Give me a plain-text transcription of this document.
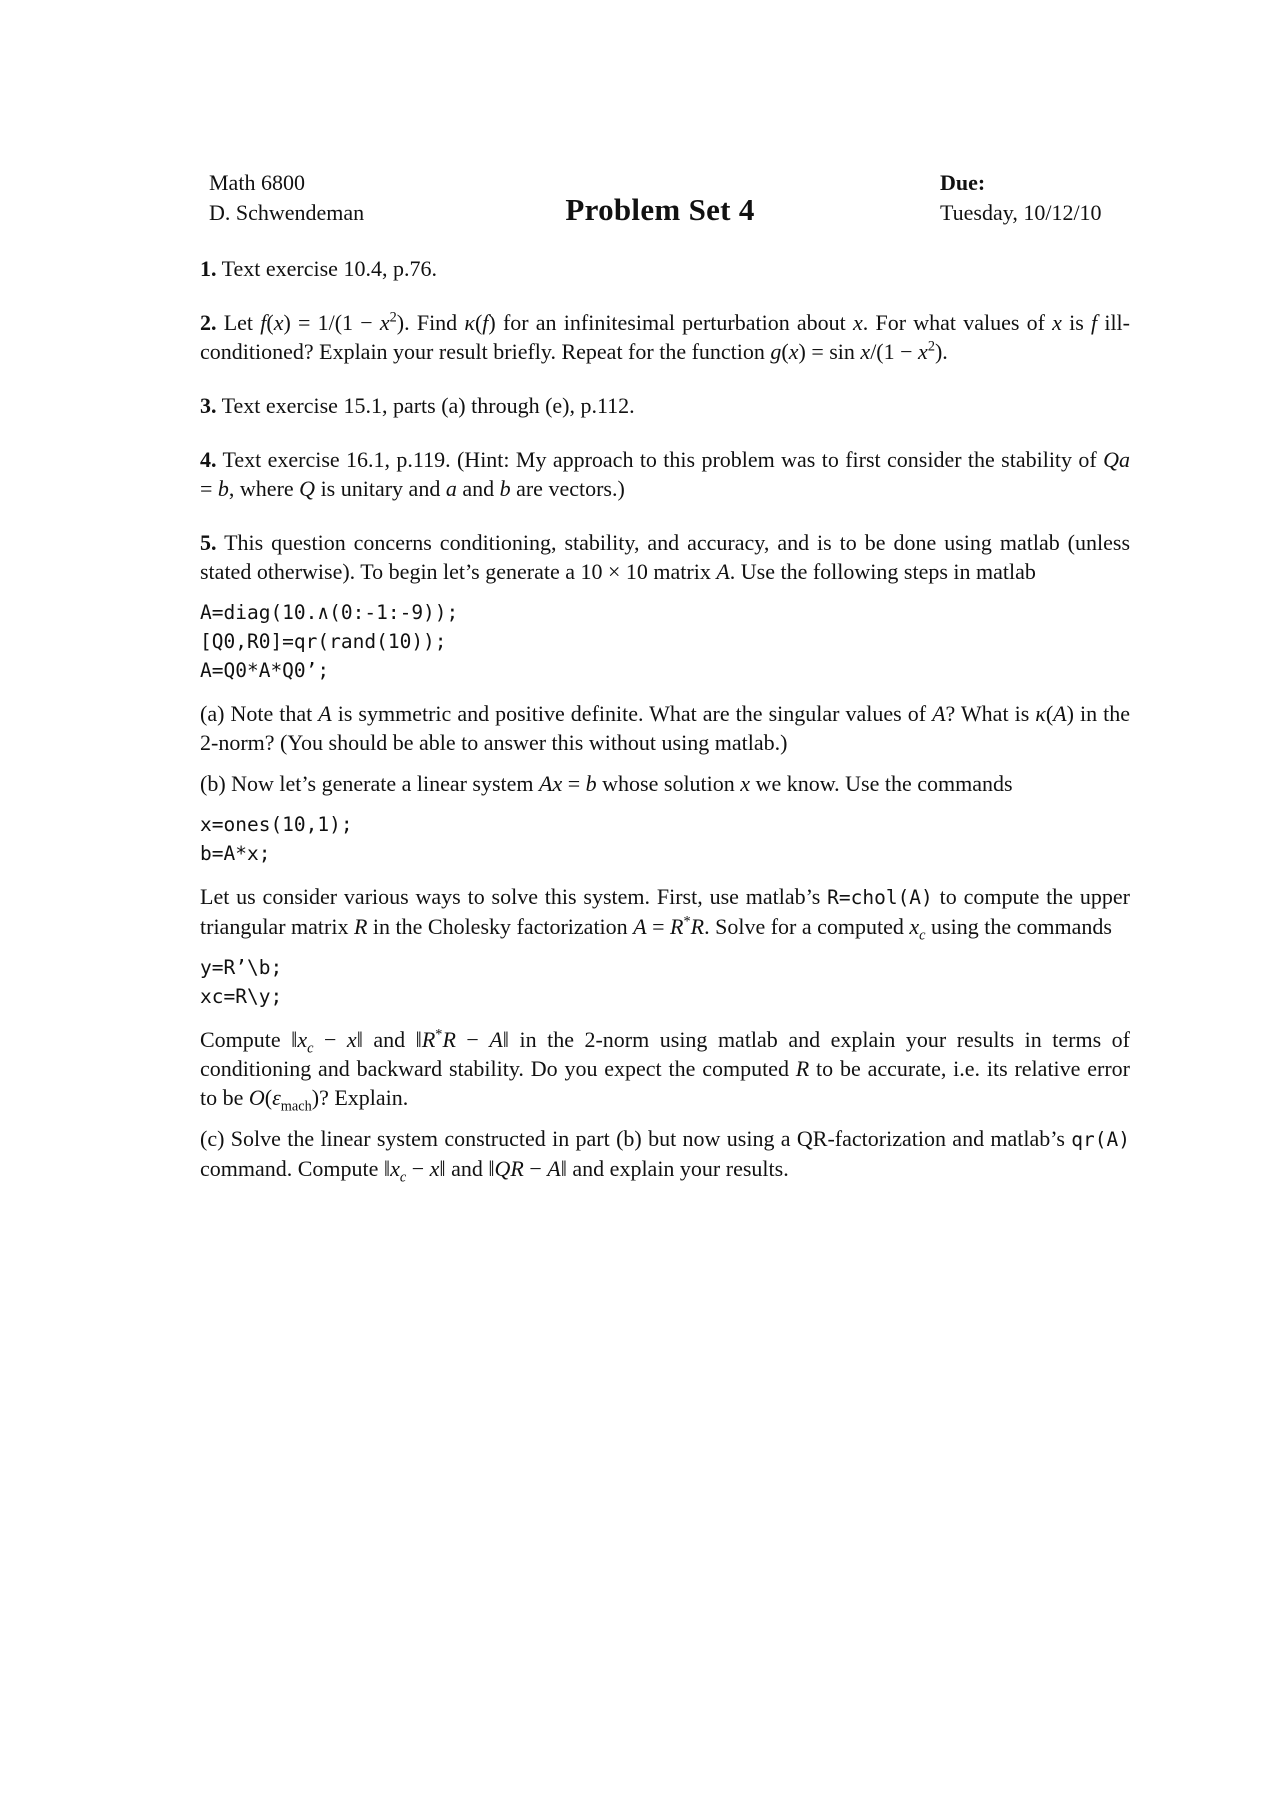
Math 6800
D. Schwendeman	Problem Set 4
Due:
Tuesday, 10/12/10

1. Text exercise 10.4, p.76.

2. Let $f(x) = 1/(1 - x^2)$. Find κ(f) for an infinitesimal perturbation about x. For what values of x is f ill-conditioned? Explain your result briefly. Repeat for the function $g(x) = \sin x/(1 - x^2)$.

3. Text exercise 15.1, parts (a) through (e), p.112.

4. Text exercise 16.1, p.119. (Hint: My approach to this problem was to first consider the stability of Qa = b, where Q is unitary and a and b are vectors.)

5. This question concerns conditioning, stability, and accuracy, and is to be done using matlab (unless stated otherwise). To begin let’s generate a 10 × 10 matrix A. Use the following steps in matlab

A=diag(10.∧(0:-1:-9));
[Q0,R0]=qr(rand(10));
A=Q0*A*Q0’;

(a) Note that A is symmetric and positive definite. What are the singular values of A? What is κ(A) in the 2-norm? (You should be able to answer this without using matlab.)

(b) Now let’s generate a linear system Ax = b whose solution x we know. Use the commands

x=ones(10,1);
b=A*x;

Let us consider various ways to solve this system. First, use matlab’s R=chol(A) to compute the upper triangular matrix R in the Cholesky factorization A = R*R. Solve for a computed $x_c$ using the commands

y=R’\b;
xc=R\y;

Compute $‖x_c$ − x‖ and ‖R*R − A‖ in the 2-norm using matlab and explain your results in terms of conditioning and backward stability. Do you expect the computed R to be accurate, i.e. its relative error to be $O(\varepsilon_{mach})$? Explain.

(c) Solve the linear system constructed in part (b) but now using a QR-factorization and matlab’s qr(A) command. Compute $‖x_c$ − x‖ and ‖QR − A‖ and explain your results.
